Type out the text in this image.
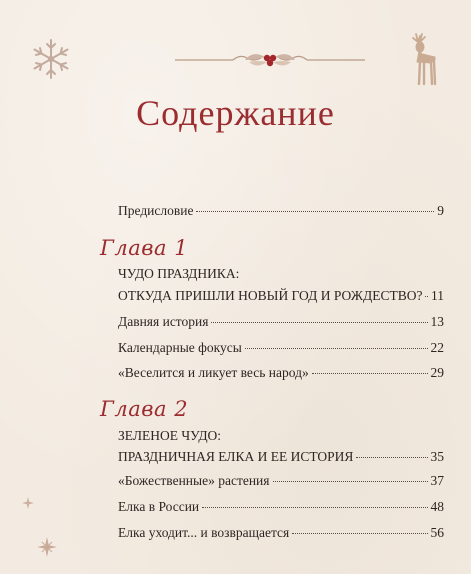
Содержание
Предисловие	9
Глава 1
ЧУДО ПРАЗДНИКА:
ОТКУДА ПРИШЛИ НОВЫЙ ГОД И РОЖДЕСТВО? 11
Давняя история	13
Календарные фокусы	22
«Веселится и ликует весь народ»	29
Глава 2
ЗЕЛЕНОЕ ЧУДО:
ПРАЗДНИЧНАЯ ЕЛКА И ЕЕ ИСТОРИЯ	35
«Божественные» растения	37
Елка в России	48
Елка уходит... и возвращается	56
